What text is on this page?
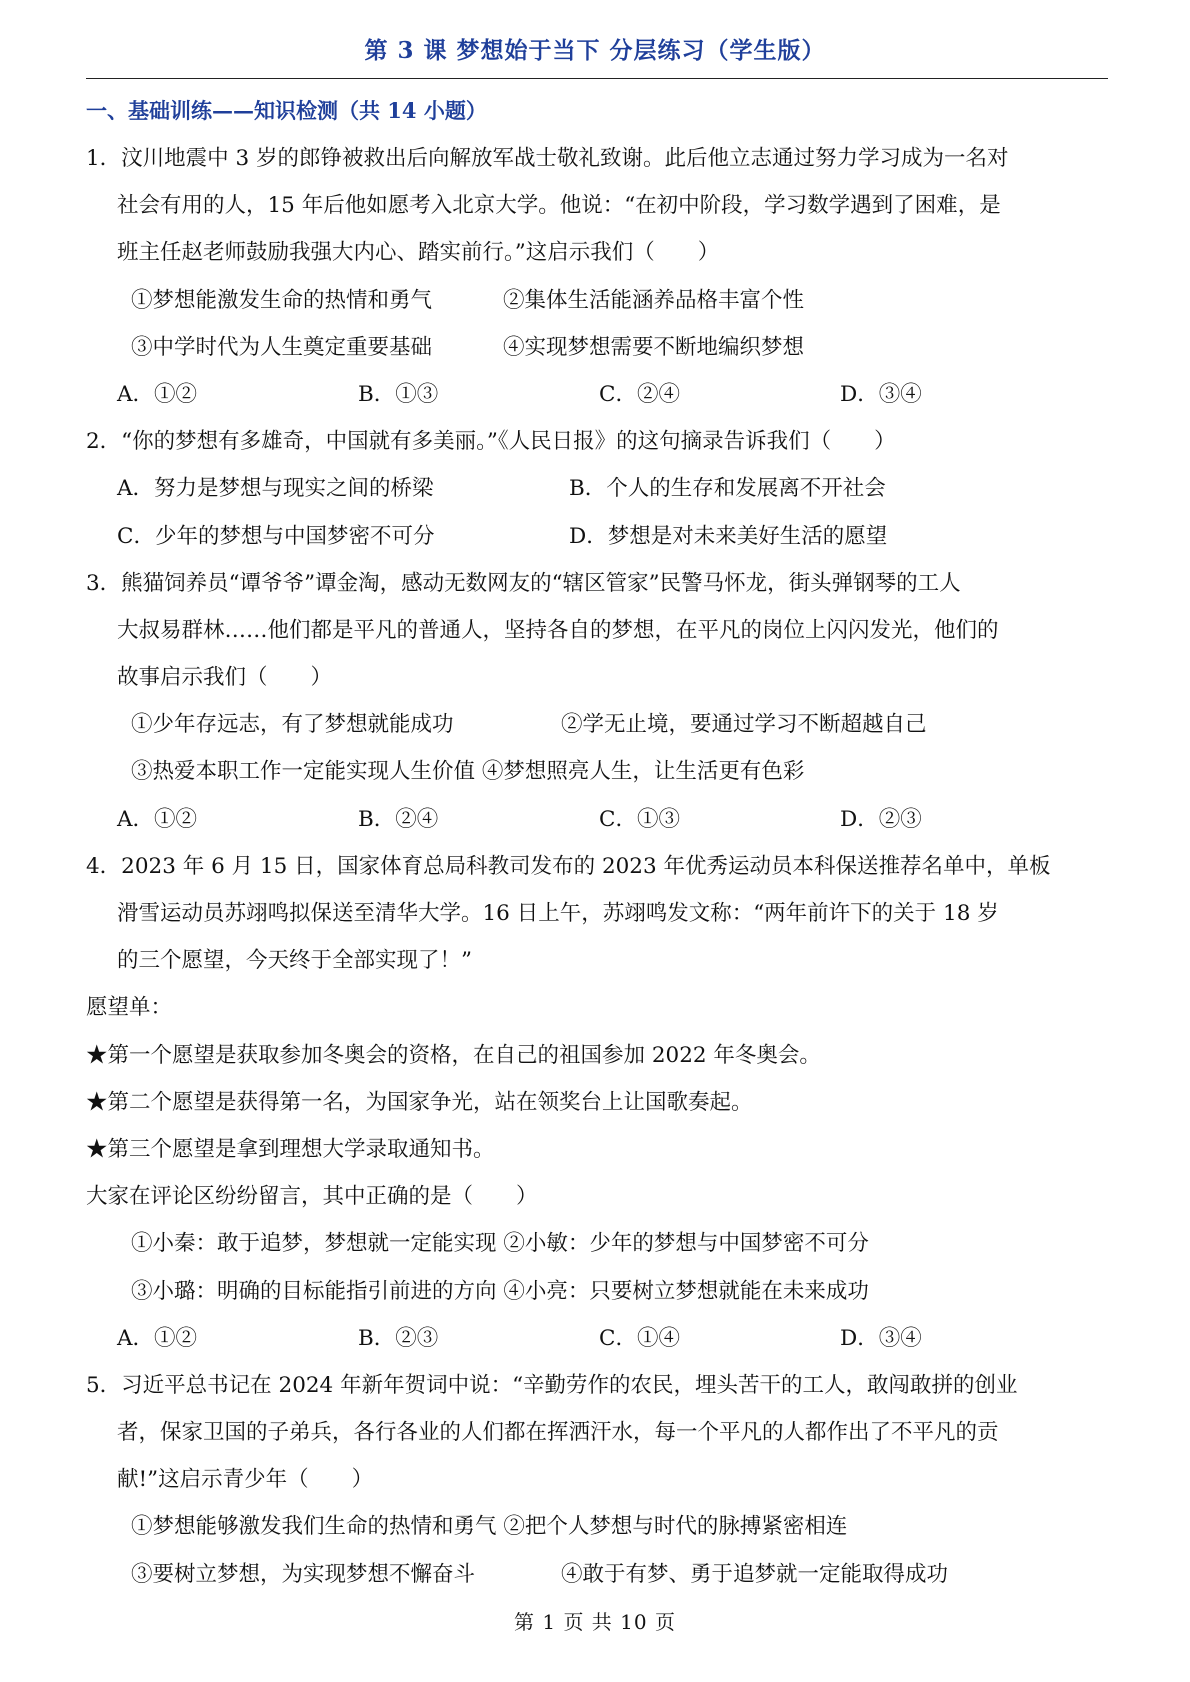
第 3 课 梦想始于当下 分层练习（学生版）
一、基础训练——知识检测（共 14 小题）
1．汶川地震中 3 岁的郎铮被救出后向解放军战士敬礼致谢。此后他立志通过努力学习成为一名对
社会有用的人，15 年后他如愿考入北京大学。他说：“在初中阶段，学习数学遇到了困难，是
班主任赵老师鼓励我强大内心、踏实前行。”这启示我们（　　）
①梦想能激发生命的热情和勇气	②集体生活能涵养品格丰富个性
③中学时代为人生奠定重要基础	④实现梦想需要不断地编织梦想
A．①②	B．①③	C．②④	D．③④
2．“你的梦想有多雄奇，中国就有多美丽。”《人民日报》的这句摘录告诉我们（　　）
A．努力是梦想与现实之间的桥梁	B．个人的生存和发展离不开社会
C．少年的梦想与中国梦密不可分	D．梦想是对未来美好生活的愿望
3．熊猫饲养员“谭爷爷”谭金淘，感动无数网友的“辖区管家”民警马怀龙，街头弹钢琴的工人
大叔易群林……他们都是平凡的普通人，坚持各自的梦想，在平凡的岗位上闪闪发光，他们的
故事启示我们（　　）
①少年存远志，有了梦想就能成功	②学无止境，要通过学习不断超越自己
③热爱本职工作一定能实现人生价值 ④梦想照亮人生，让生活更有色彩
A．①②	B．②④	C．①③	D．②③
4．2023 年 6 月 15 日，国家体育总局科教司发布的 2023 年优秀运动员本科保送推荐名单中，单板
滑雪运动员苏翊鸣拟保送至清华大学。16 日上午，苏翊鸣发文称：“两年前许下的关于 18 岁
的三个愿望，今天终于全部实现了！”
愿望单：
★第一个愿望是获取参加冬奥会的资格，在自己的祖国参加 2022 年冬奥会。
★第二个愿望是获得第一名，为国家争光，站在领奖台上让国歌奏起。
★第三个愿望是拿到理想大学录取通知书。
大家在评论区纷纷留言，其中正确的是（　　）
①小秦：敢于追梦，梦想就一定能实现 ②小敏：少年的梦想与中国梦密不可分
③小璐：明确的目标能指引前进的方向 ④小亮：只要树立梦想就能在未来成功
A．①②	B．②③	C．①④	D．③④
5．习近平总书记在 2024 年新年贺词中说：“辛勤劳作的农民，埋头苦干的工人，敢闯敢拼的创业
者，保家卫国的子弟兵，各行各业的人们都在挥洒汗水，每一个平凡的人都作出了不平凡的贡
献!”这启示青少年（　　）
①梦想能够激发我们生命的热情和勇气 ②把个人梦想与时代的脉搏紧密相连
③要树立梦想，为实现梦想不懈奋斗	④敢于有梦、勇于追梦就一定能取得成功
第 1 页 共 10 页
